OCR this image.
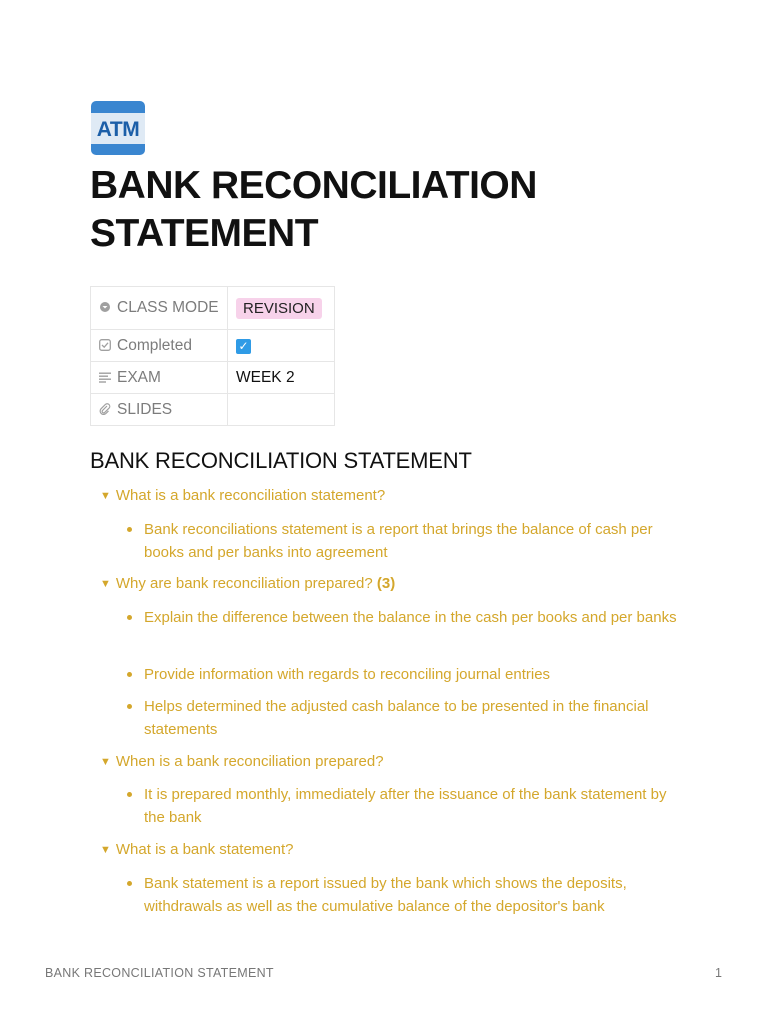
ATM
BANK RECONCILIATION STATEMENT
CLASS MODE	REVISION
Completed	✓
EXAM	WEEK 2
SLIDES	
BANK RECONCILIATION STATEMENT
▼ What is a bank reconciliation statement?
Bank reconciliations statement is a report that brings the balance of cash per books and per banks into agreement
▼ Why are bank reconciliation prepared? (3)
Explain the difference between the balance in the cash per books and per banks
Provide information with regards to reconciling journal entries
Helps determined the adjusted cash balance to be presented in the financial statements
▼ When is a bank reconciliation prepared?
It is prepared monthly, immediately after the issuance of the bank statement by the bank
▼ What is a bank statement?
Bank statement is a report issued by the bank which shows the deposits, withdrawals as well as the cumulative balance of the depositor's bank
BANK RECONCILIATION STATEMENT	1
